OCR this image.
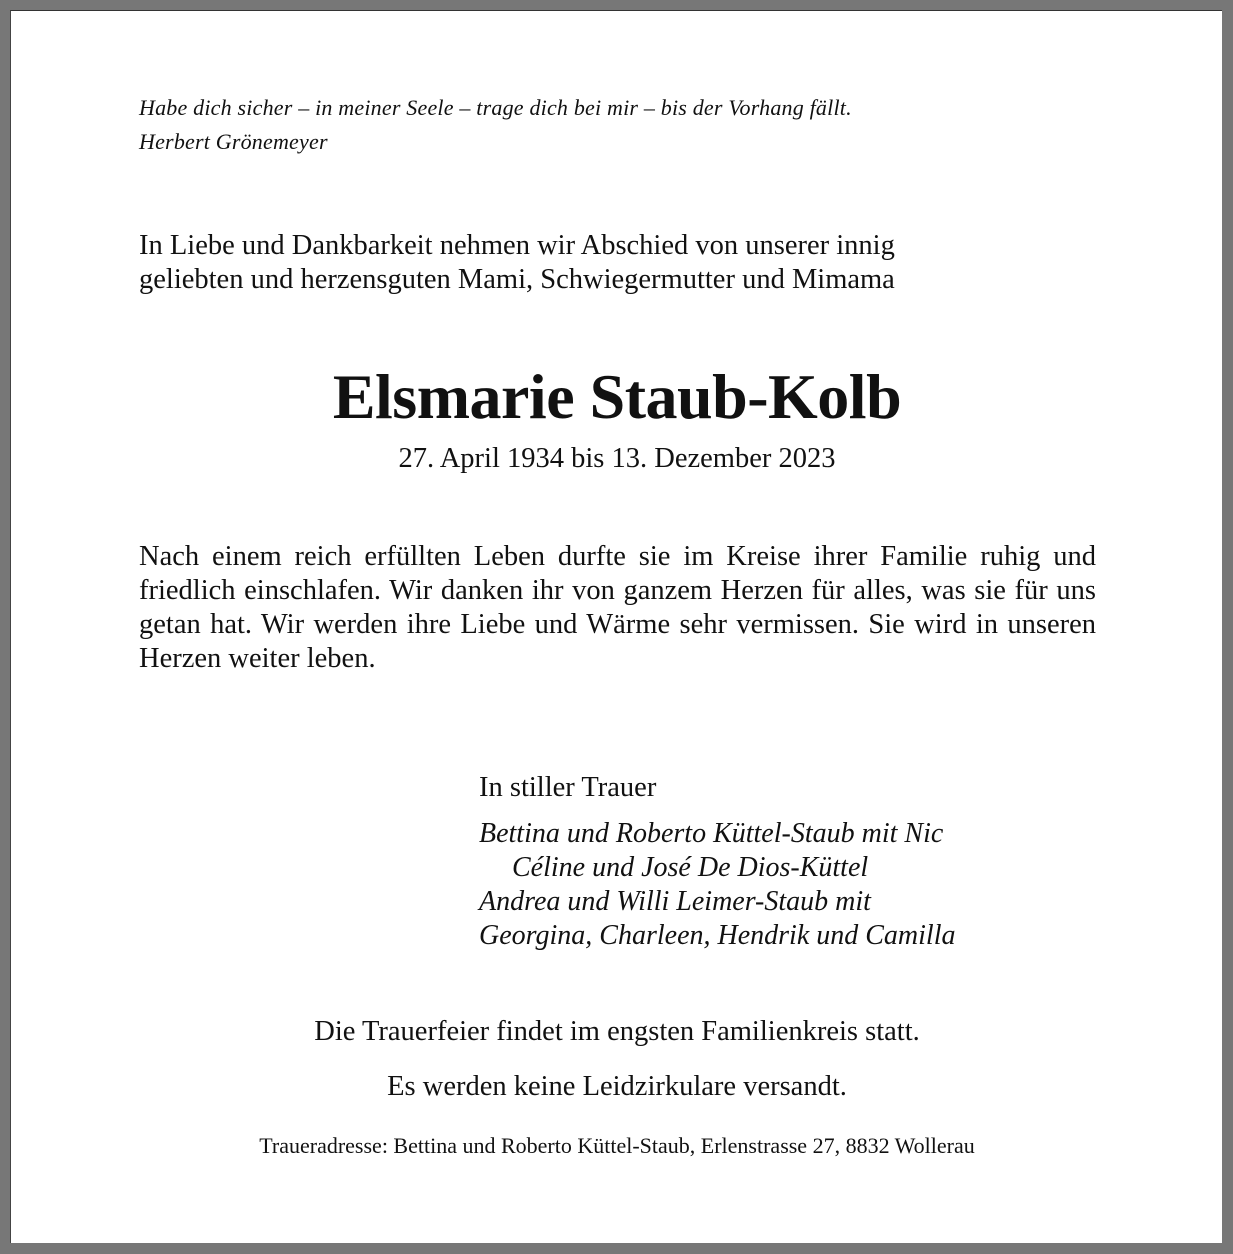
Habe dich sicher – in meiner Seele – trage dich bei mir – bis der Vorhang fällt.
Herbert Grönemeyer
In Liebe und Dankbarkeit nehmen wir Abschied von unserer innig
geliebten und herzensguten Mami, Schwiegermutter und Mimama
Elsmarie Staub-Kolb
27. April 1934 bis 13. Dezember 2023
Nach einem reich erfüllten Leben durfte sie im Kreise ihrer Familie ruhig und friedlich einschlafen. Wir danken ihr von ganzem Herzen für alles, was sie für uns getan hat. Wir werden ihre Liebe und Wärme sehr vermissen. Sie wird in unseren Herzen weiter leben.
In stiller Trauer
Bettina und Roberto Küttel-Staub mit Nic
Céline und José De Dios-Küttel
Andrea und Willi Leimer-Staub mit
Georgina, Charleen, Hendrik und Camilla
Die Trauerfeier findet im engsten Familienkreis statt.
Es werden keine Leidzirkulare versandt.
Traueradresse: Bettina und Roberto Küttel-Staub, Erlenstrasse 27, 8832 Wollerau
